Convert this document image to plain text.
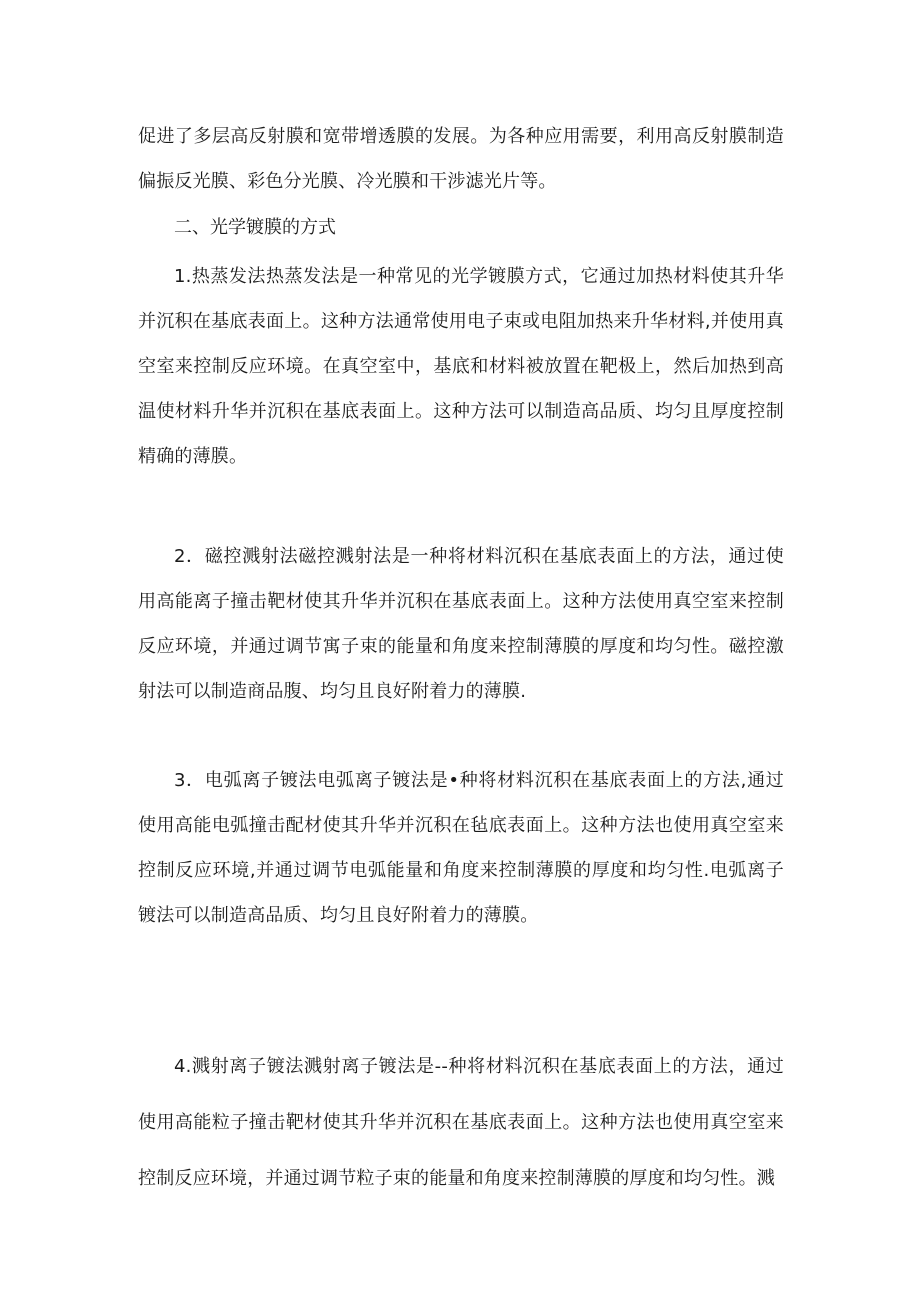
促进了多层高反射膜和宽带增透膜的发展。为各种应用需要，利用高反射膜制造偏振反光膜、彩色分光膜、冷光膜和干涉滤光片等。

二、光学镀膜的方式

1.热蒸发法热蒸发法是一种常见的光学镀膜方式，它通过加热材料使其升华并沉积在基底表面上。这种方法通常使用电子束或电阻加热来升华材料,并使用真空室来控制反应环境。在真空室中，基底和材料被放置在靶极上，然后加热到高温使材料升华并沉积在基底表面上。这种方法可以制造高品质、均匀且厚度控制精确的薄膜。

2．磁控溅射法磁控溅射法是一种将材料沉积在基底表面上的方法，通过使用高能离子撞击靶材使其升华并沉积在基底表面上。这种方法使用真空室来控制反应环境，并通过调节寓子束的能量和角度来控制薄膜的厚度和均匀性。磁控激射法可以制造商品腹、均匀且良好附着力的薄膜.

3．电弧离子镀法电弧离子镀法是•种将材料沉积在基底表面上的方法,通过使用高能电弧撞击配材使其升华并沉积在毡底表面上。这种方法也使用真空室来控制反应环境,并通过调节电弧能量和角度来控制薄膜的厚度和均匀性.电弧离子镀法可以制造高品质、均匀且良好附着力的薄膜。

4.溅射离子镀法溅射离子镀法是--种将材料沉积在基底表面上的方法，通过使用高能粒子撞击靶材使其升华并沉积在基底表面上。这种方法也使用真空室来控制反应环境，并通过调节粒子束的能量和角度来控制薄膜的厚度和均匀性。溅
